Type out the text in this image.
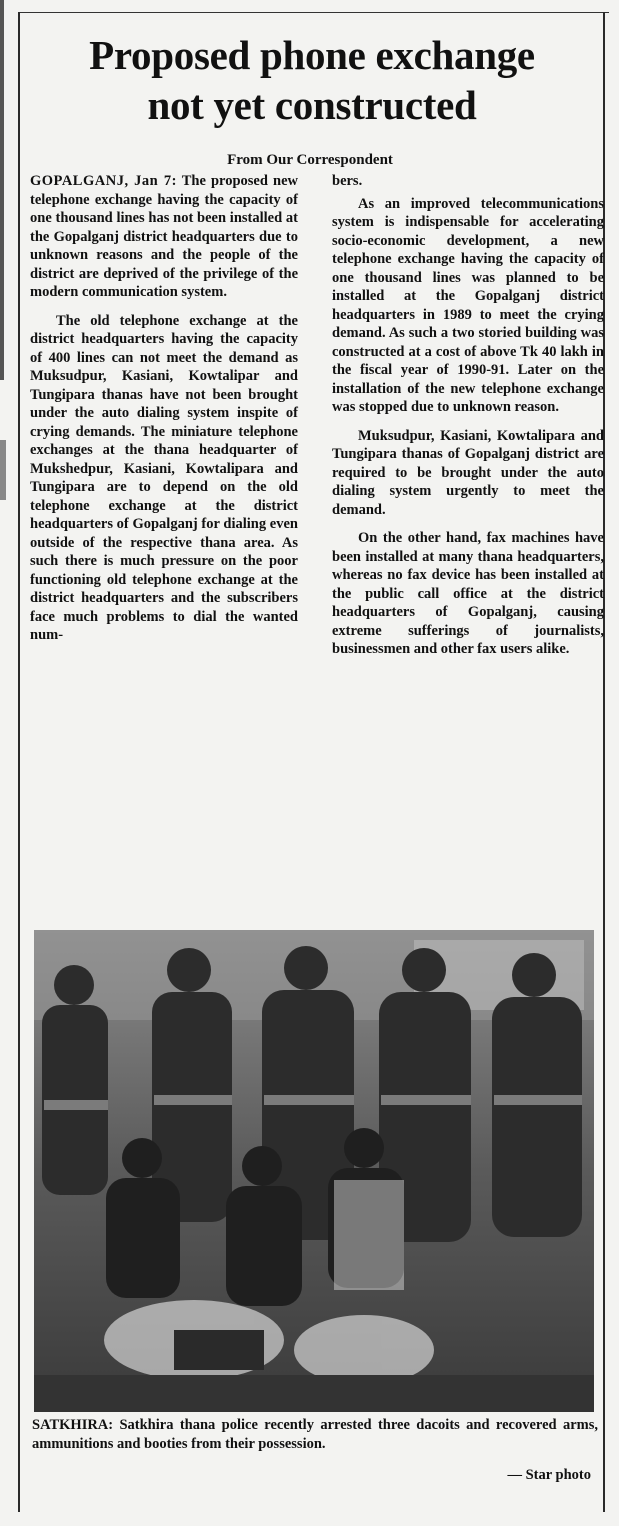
Proposed phone exchange
not yet constructed
From Our Correspondent

GOPALGANJ, Jan 7: The proposed new telephone exchange having the capacity of one thousand lines has not been installed at the Gopalganj district headquarters due to unknown reasons and the people of the district are deprived of the privilege of the modern communication system.

The old telephone exchange at the district headquarters having the capacity of 400 lines can not meet the demand as Muksudpur, Kasiani, Kowtalipar and Tungipara thanas have not been brought under the auto dialing system inspite of crying demands. The miniature telephone exchanges at the thana headquarter of Mukshedpur, Kasiani, Kowtalipara and Tungipara are to depend on the old telephone exchange at the district headquarters of Gopalganj for dialing even outside of the respective thana area. As such there is much pressure on the poor functioning old telephone exchange at the district headquarters and the subscribers face much problems to dial the wanted num-

bers.

As an improved telecommunications system is indispensable for accelerating socio-economic development, a new telephone exchange having the capacity of one thousand lines was planned to be installed at the Gopalganj district headquarters in 1989 to meet the crying demand. As such a two storied building was constructed at a cost of above Tk 40 lakh in the fiscal year of 1990-91. Later on the installation of the new telephone exchange was stopped due to unknown reason.

Muksudpur, Kasiani, Kowtalipara and Tungipara thanas of Gopalganj district are required to be brought under the auto dialing system urgently to meet the demand.

On the other hand, fax machines have been installed at many thana headquarters, whereas no fax device has been installed at the public call office at the district headquarters of Gopalganj, causing extreme sufferings of journalists, businessmen and other fax users alike.

SATKHIRA: Satkhira thana police recently arrested three dacoits and recovered arms, ammunitions and booties from their possession.
— Star photo
